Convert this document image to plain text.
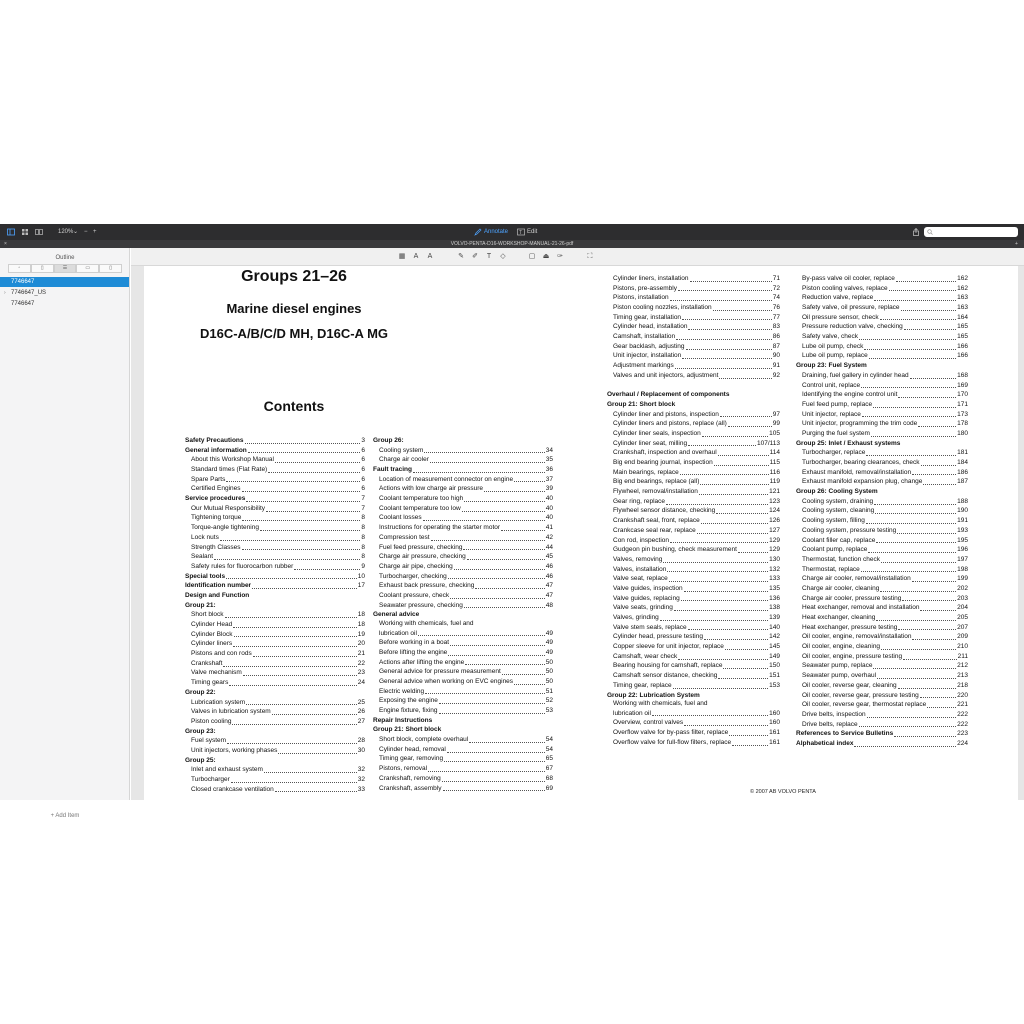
120% ⌄ − +	Annotate T Edit
×	VOLVO-PENTA-D16-WORKSHOP-MANUAL-21-26-pdf	+
Outline
▫	▯	☰	▭	▯
7746647
› 7746647_US
7746647
+ Add Item
▦ A A	✎ ✐ T ◇	▢ ⏏ ✑	⛶
Groups 21–26
Marine diesel engines
D16C-A/B/C/D MH, D16C-A MG
Contents
Safety Precautions	3
General information	6
About this Workshop Manual	6
Standard times (Flat Rate)	6
Spare Parts	6
Certified Engines	6
Service procedures	7
Our Mutual Responsibility	7
Tightening torque	8
Torque-angle tightening	8
Lock nuts	8
Strength Classes	8
Sealant	8
Safety rules for fluorocarbon rubber	9
Special tools	10
Identification number	17
Design and Function
Group 21:
Short block	18
Cylinder Head	18
Cylinder Block	19
Cylinder liners	20
Pistons and con rods	21
Crankshaft	22
Valve mechanism	23
Timing gears	24
Group 22:
Lubrication system	25
Valves in lubrication system	26
Piston cooling	27
Group 23:
Fuel system	28
Unit injectors, working phases	30
Group 25:
Inlet and exhaust system	32
Turbocharger	32
Closed crankcase ventilation	33
Group 26:
Cooling system	34
Charge air cooler	35
Fault tracing	36
Location of measurement connector on engine	37
Actions with low charge air pressure	39
Coolant temperature too high	40
Coolant temperature too low	40
Coolant losses	40
Instructions for operating the starter motor	41
Compression test	42
Fuel feed pressure, checking	44
Charge air pressure, checking	45
Charge air pipe, checking	46
Turbocharger, checking	46
Exhaust back pressure, checking	47
Coolant pressure, check	47
Seawater pressure, checking	48
General advice
Working with chemicals, fuel and
lubrication oil	49
Before working in a boat	49
Before lifting the engine	49
Actions after lifting the engine	50
General advice for pressure measurement	50
General advice when working on EVC engines	50
Electric welding	51
Exposing the engine	52
Engine fixture, fixing	53
Repair Instructions
Group 21: Short block
Short block, complete overhaul	54
Cylinder head, removal	54
Timing gear, removing	65
Pistons, removal	67
Crankshaft, removing	68
Crankshaft, assembly	69
Cylinder liners, installation	71
Pistons, pre-assembly	72
Pistons, installation	74
Piston cooling nozzles, installation	76
Timing gear, installation	77
Cylinder head, installation	83
Camshaft, installation	86
Gear backlash, adjusting	87
Unit injector, installation	90
Adjustment markings	91
Valves and unit injectors, adjustment	92
Overhaul / Replacement of components
Group 21: Short block
Cylinder liner and pistons, inspection	97
Cylinder liners and pistons, replace (all)	99
Cylinder liner seals, inspection	105
Cylinder liner seat, milling	107/113
Crankshaft, inspection and overhaul	114
Big end bearing journal, inspection	115
Main bearings, replace	116
Big end bearings, replace (all)	119
Flywheel, removal/installation	121
Gear ring, replace	123
Flywheel sensor distance, checking	124
Crankshaft seal, front, replace	126
Crankcase seal rear, replace	127
Con rod, inspection	129
Gudgeon pin bushing, check measurement	129
Valves, removing	130
Valves, installation	132
Valve seat, replace	133
Valve guides, inspection	135
Valve guides, replacing	136
Valve seats, grinding	138
Valves, grinding	139
Valve stem seals, replace	140
Cylinder head, pressure testing	142
Copper sleeve for unit injector, replace	145
Camshaft, wear check	149
Bearing housing for camshaft, replace	150
Camshaft sensor distance, checking	151
Timing gear, replace	153
Group 22: Lubrication System
Working with chemicals, fuel and
lubrication oil	160
Overview, control valves	160
Overflow valve for by-pass filter, replace	161
Overflow valve for full-flow filters, replace	161
By-pass valve oil cooler, replace	162
Piston cooling valves, replace	162
Reduction valve, replace	163
Safety valve, oil pressure, replace	163
Oil pressure sensor, check	164
Pressure reduction valve, checking	165
Safety valve, check	165
Lube oil pump, check	166
Lube oil pump, replace	166
Group 23: Fuel System
Draining, fuel gallery in cylinder head	168
Control unit, replace	169
Identifying the engine control unit	170
Fuel feed pump, replace	171
Unit injector, replace	173
Unit injector, programming the trim code	178
Purging the fuel system	180
Group 25: Inlet / Exhaust systems
Turbocharger, replace	181
Turbocharger, bearing clearances, check	184
Exhaust manifold, removal/installation	186
Exhaust manifold expansion plug, change	187
Group 26: Cooling System
Cooling system, draining	188
Cooling system, cleaning	190
Cooling system, filling	191
Cooling system, pressure testing	193
Coolant filler cap, replace	195
Coolant pump, replace	196
Thermostat, function check	197
Thermostat, replace	198
Charge air cooler, removal/installation	199
Charge air cooler, cleaning	202
Charge air cooler, pressure testing	203
Heat exchanger, removal and installation	204
Heat exchanger, cleaning	205
Heat exchanger, pressure testing	207
Oil cooler, engine, removal/installation	209
Oil cooler, engine, cleaning	210
Oil cooler, engine, pressure testing	211
Seawater pump, replace	212
Seawater pump, overhaul	213
Oil cooler, reverse gear, cleaning	218
Oil cooler, reverse gear, pressure testing	220
Oil cooler, reverse gear, thermostat replace	221
Drive belts, inspection	222
Drive belts, replace	222
References to Service Bulletins	223
Alphabetical index	224
© 2007 AB VOLVO PENTA
